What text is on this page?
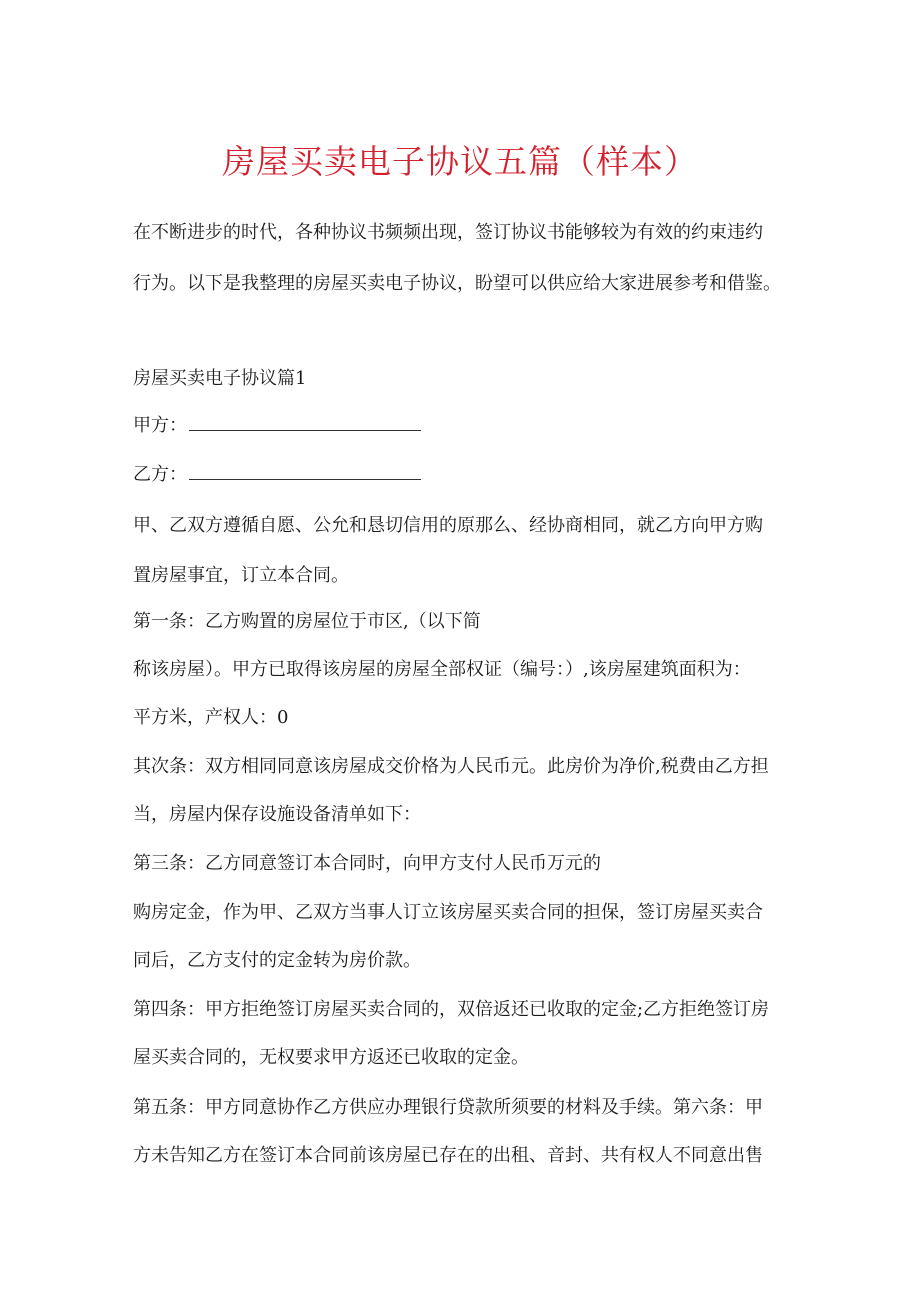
房屋买卖电子协议五篇（样本）

在不断进步的时代，各种协议书频频出现，签订协议书能够较为有效的约束违约

行为。以下是我整理的房屋买卖电子协议，盼望可以供应给大家进展参考和借鉴。

房屋买卖电子协议篇1

甲方：

乙方：

甲、乙双方遵循自愿、公允和恳切信用的原那么、经协商相同，就乙方向甲方购

置房屋事宜，订立本合同。

第一条：乙方购置的房屋位于市区,（以下简

称该房屋）。甲方已取得该房屋的房屋全部权证（编号：）,该房屋建筑面积为：

平方米，产权人：0

其次条：双方相同同意该房屋成交价格为人民币元。此房价为净价,税费由乙方担

当，房屋内保存设施设备清单如下：

第三条：乙方同意签订本合同时，向甲方支付人民币万元的

购房定金，作为甲、乙双方当事人订立该房屋买卖合同的担保，签订房屋买卖合

同后，乙方支付的定金转为房价款。

第四条：甲方拒绝签订房屋买卖合同的，双倍返还已收取的定金;乙方拒绝签订房

屋买卖合同的，无权要求甲方返还已收取的定金。

第五条：甲方同意协作乙方供应办理银行贷款所须要的材料及手续。第六条：甲

方未告知乙方在签订本合同前该房屋已存在的出租、音封、共有权人不同意出售
